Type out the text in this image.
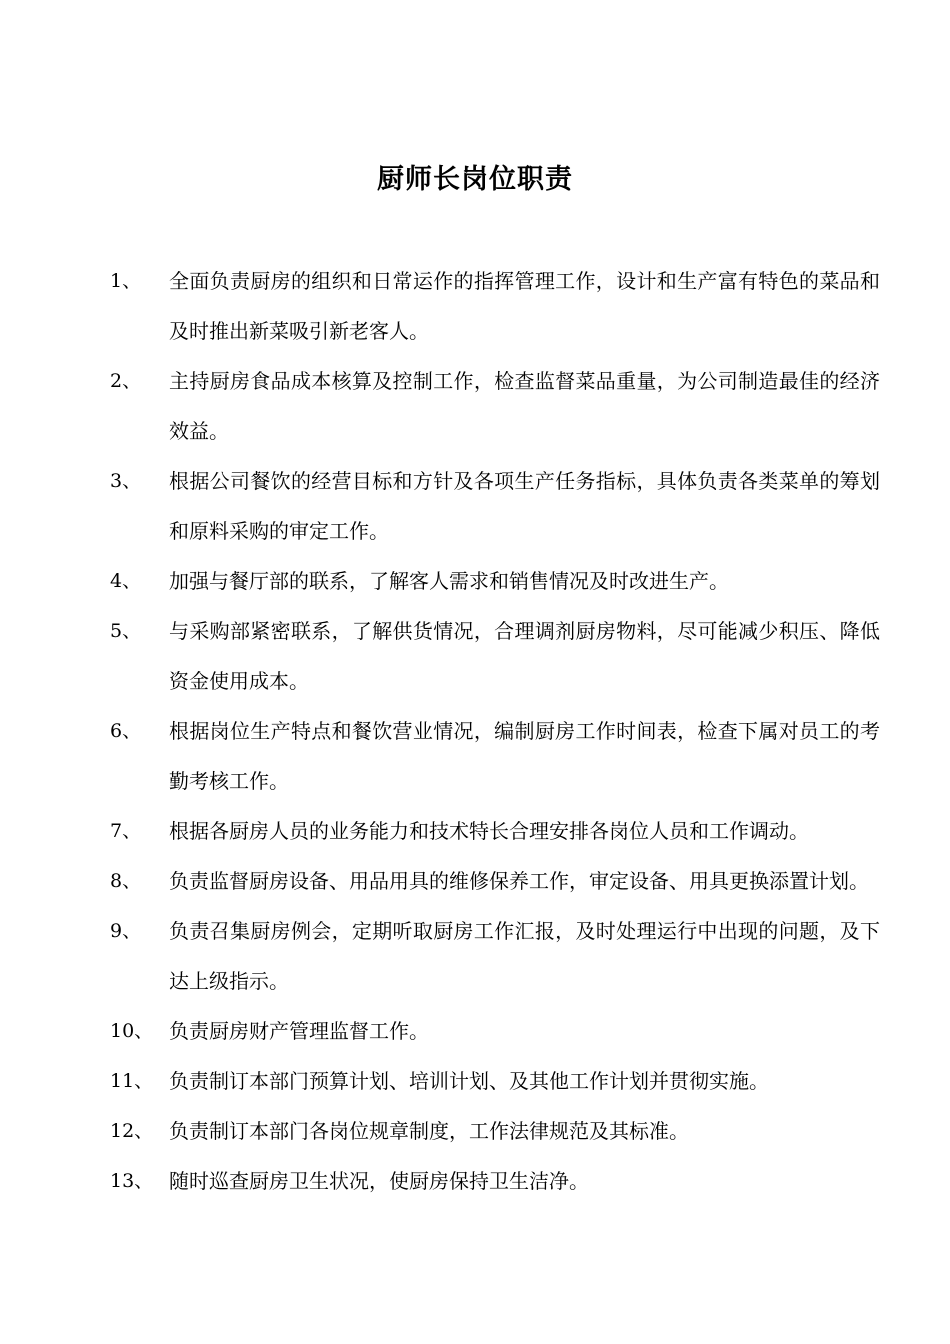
厨师长岗位职责
1、	全面负责厨房的组织和日常运作的指挥管理工作，设计和生产富有特色的菜品和及时推出新菜吸引新老客人。
2、	主持厨房食品成本核算及控制工作，检查监督菜品重量，为公司制造最佳的经济效益。
3、	根据公司餐饮的经营目标和方针及各项生产任务指标，具体负责各类菜单的筹划和原料采购的审定工作。
4、	加强与餐厅部的联系，了解客人需求和销售情况及时改进生产。
5、	与采购部紧密联系，了解供货情况，合理调剂厨房物料，尽可能减少积压、降低资金使用成本。
6、	根据岗位生产特点和餐饮营业情况，编制厨房工作时间表，检查下属对员工的考勤考核工作。
7、	根据各厨房人员的业务能力和技术特长合理安排各岗位人员和工作调动。
8、	负责监督厨房设备、用品用具的维修保养工作，审定设备、用具更换添置计划。
9、	负责召集厨房例会，定期听取厨房工作汇报，及时处理运行中出现的问题，及下达上级指示。
10、 负责厨房财产管理监督工作。
11、 负责制订本部门预算计划、培训计划、及其他工作计划并贯彻实施。
12、 负责制订本部门各岗位规章制度，工作法律规范及其标准。
13、 随时巡查厨房卫生状况，使厨房保持卫生洁净。
